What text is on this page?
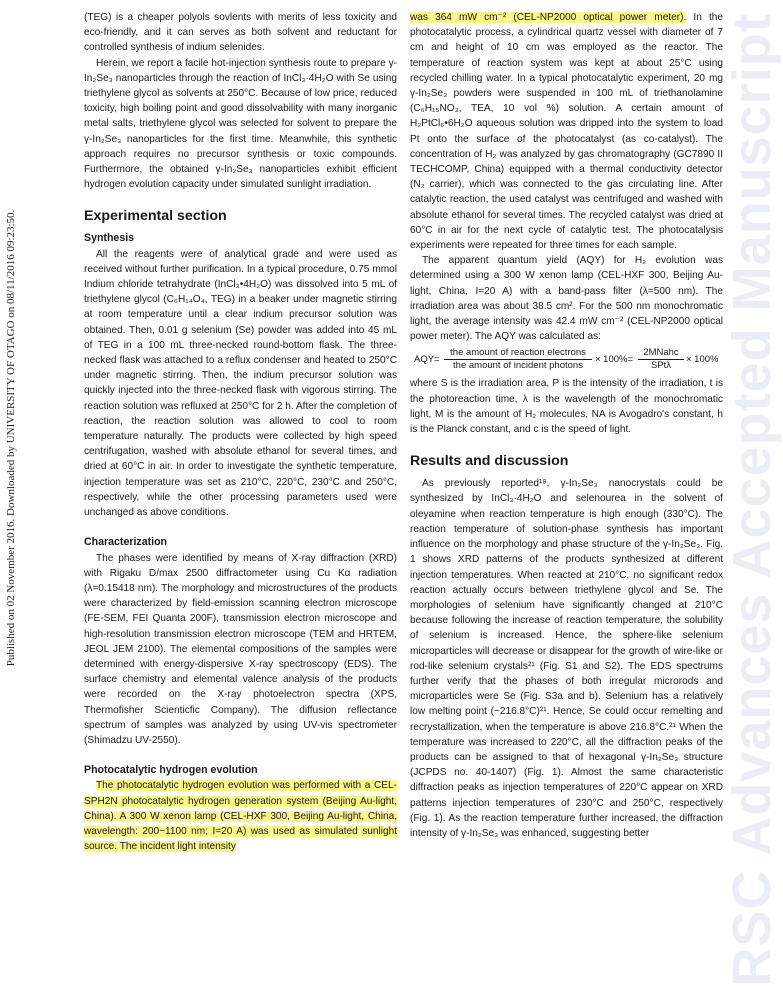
Published on 02 November 2016. Downloaded by UNIVERSITY OF OTAGO on 08/11/2016 09:23:50.	RSC Advances Accepted Manuscript

(TEG) is a cheaper polyols sovlents with merits of less toxicity and eco-friendly, and it can serves as both solvent and reductant for controlled synthesis of indium selenides.

Herein, we report a facile hot-injection synthesis route to prepare γ-In₂Se₃ nanoparticles through the reaction of InCl₃·4H₂O with Se using triethylene glycol as solvents at 250°C. Because of low price, reduced toxicity, high boiling point and good dissolvability with many inorganic metal salts, triethylene glycol was selected for solvent to prepare the γ-In₂Se₃ nanoparticles for the first time. Meanwhile, this synthetic approach requires no precursor synthesis or toxic compounds. Furthermore, the obtained γ-In₂Se₃ nanoparticles exhibit efficient hydrogen evolution capacity under simulated sunlight irradiation.

Experimental section
Synthesis

All the reagents were of analytical grade and were used as received without further purification. In a typical procedure, 0.75 mmol Indium chloride tetrahydrate (InCl₃•4H₂O) was dissolved into 5 mL of triethylene glycol (C₆H₁₄O₄, TEG) in a beaker under magnetic stirring at room temperature until a clear indium precursor solution was obtained. Then, 0.01 g selenium (Se) powder was added into 45 mL of TEG in a 100 mL three-necked round-bottom flask. The three-necked flask was attached to a reflux condenser and heated to 250°C under magnetic stirring. Then, the indium precursor solution was quickly injected into the three-necked flask with vigorous stirring. The reaction solution was refluxed at 250°C for 2 h. After the completion of reaction, the reaction solution was allowed to cool to room temperature naturally. The products were collected by high speed centrifugation, washed with absolute ethanol for several times, and dried at 60°C in air. In order to investigate the synthetic temperature, injection temperature was set as 210°C, 220°C, 230°C and 250°C, respectively, while the other processing parameters used were unchanged as above conditions.

Characterization

The phases were identified by means of X-ray diffraction (XRD) with Rigaku D/max 2500 diffractometer using Cu Kα radiation (λ=0.15418 nm). The morphology and microstructures of the products were characterized by field-emission scanning electron microscope (FE-SEM, FEI Quanta 200F), transmission electron microscope and high-resolution transmission electron microscope (TEM and HRTEM, JEOL JEM 2100). The elemental compositions of the samples were determined with energy-dispersive X-ray spectroscopy (EDS). The surface chemistry and elemental valence analysis of the products were recorded on the X-ray photoelectron spectra (XPS, Thermofisher Scienticfic Company). The diffusion reflectance spectrum of samples was analyzed by using UV-vis spectrometer (Shimadzu UV-2550).

Photocatalytic hydrogen evolution

The photocatalytic hydrogen evolution was performed with a CEL-SPH2N photocatalytic hydrogen generation system (Beijing Au-light, China). A 300 W xenon lamp (CEL-HXF 300, Beijing Au-light, China, wavelength: 200−1100 nm; I=20 A) was used as simulated sunlight source. The incident light intensity

was 364 mW cm⁻² (CEL-NP2000 optical power meter). In the photocatalytic process, a cylindrical quartz vessel with diameter of 7 cm and height of 10 cm was employed as the reactor. The temperature of reaction system was kept at about 25°C using recycled chilling water. In a typical photocatalytic experiment, 20 mg γ-In₂Se₃ powders were suspended in 100 mL of triethanolamine (C₆H₁₅NO₃, TEA, 10 vol %) solution. A certain amount of H₂PtCl₆•6H₂O aqueous solution was dripped into the system to load Pt onto the surface of the photocatalyst (as co-catalyst). The concentration of H₂ was analyzed by gas chromatography (GC7890 II TECHCOMP, China) equipped with a thermal conductivity detector (N₂ carrier), which was connected to the gas circulating line. After catalytic reaction, the used catalyst was centrifuged and washed with absolute ethanol for several times. The recycled catalyst was dried at 60°C in air for the next cycle of catalytic test. The photocatalysis experiments were repeated for three times for each sample.

The apparent quantum yield (AQY) for H₂ evolution was determined using a 300 W xenon lamp (CEL-HXF 300, Beijing Au-light, China, I=20 A) with a band-pass filter (λ=500 nm). The irradiation area was about 38.5 cm². For the 500 nm monochromatic light, the average intensity was 42.4 mW cm⁻² (CEL-NP2000 optical power meter). The AQY was calculated as:

AQY=
the amount of reaction electrons
the amount of incident photons
× 100%=
2MNahc
SPtλ
× 100%

where S is the irradiation area, P is the intensity of the irradiation, t is the photoreaction time, λ is the wavelength of the monochromatic light, M is the amount of H₂ molecules, NA is Avogadro's constant, h is the Planck constant, and c is the speed of light.

Results and discussion

As previously reported¹⁸, γ-In₂Se₃ nanocrystals could be synthesized by InCl₃·4H₂O and selenourea in the solvent of oleyamine when reaction temperature is high enough (330°C). The reaction temperature of solution-phase synthesis has important influence on the morphology and phase structure of the γ-In₂Se₃. Fig. 1 shows XRD patterns of the products synthesized at different injection temperatures. When reacted at 210°C, no significant redox reaction actually occurs between triethylene glycol and Se. The morphologies of selenium have significantly changed at 210°C because following the increase of reaction temperature, the solubility of selenium is increased. Hence, the sphere-like selenium microparticles will decrease or disappear for the growth of wire-like or rod-like selenium crystals²¹ (Fig. S1 and S2). The EDS spectrums further verify that the phases of both irregular microrods and microparticles were Se (Fig. S3a and b). Selenium has a relatively low melting point (~216.8°C)²¹. Hence, Se could occur remelting and recrystallization, when the temperature is above 216.8°C.²¹ When the temperature was increased to 220°C, all the diffraction peaks of the products can be assigned to that of hexagonal γ-In₂Se₃ structure (JCPDS no. 40-1407) (Fig. 1). Almost the same characteristic diffraction peaks as injection temperatures of 220°C appear on XRD patterns injection temperatures of 230°C and 250°C, respectively (Fig. 1). As the reaction temperature further increased, the diffraction intensity of γ-In₂Se₃ was enhanced, suggesting better
